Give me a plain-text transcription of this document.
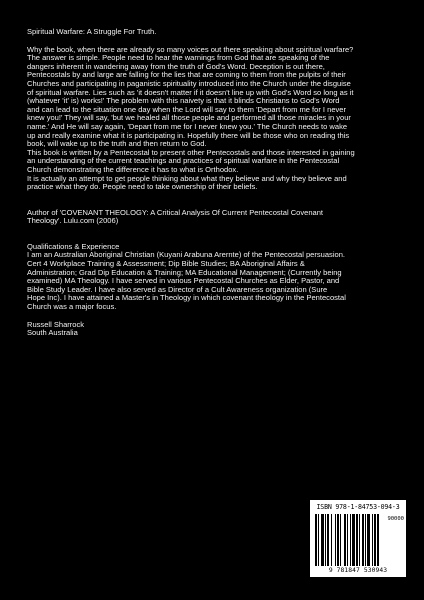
Spiritual Warfare: A Struggle For Truth.

Why the book, when there are already so many voices out there speaking about spiritual warfare?
The answer is simple. People need to hear the warnings from God that are speaking of the
dangers inherent in wandering away from the truth of God's Word. Deception is out there,
Pentecostals by and large are falling for the lies that are coming to them from the pulpits of their
Churches and participating in paganistic spirituality introduced into the Church under the disguise
of spiritual warfare. Lies such as 'it doesn't matter if it doesn't line up with God's Word so long as it
(whatever 'it' is) works!' The problem with this naivety is that it blinds Christians to God's Word
and can lead to the situation one day when the Lord will say to them 'Depart from me for I never
knew you!' They will say, 'but we healed all those people and performed all those miracles in your
name.' And He will say again, 'Depart from me for I never knew you.' The Church needs to wake
up and really examine what it is participating in. Hopefully there will be those who on reading this
book, will wake up to the truth and then return to God.
This book is written by a Pentecostal to present other Pentecostals and those interested in gaining
an understanding of the current teachings and practices of spiritual warfare in the Pentecostal
Church demonstrating the difference it has to what is Orthodox.
It is actually an attempt to get people thinking about what they believe and why they believe and
practice what they do. People need to take ownership of their beliefs.
Author of 'COVENANT THEOLOGY: A Critical Analysis Of Current Pentecostal Covenant
Theology'. Lulu.com (2006)

Qualifications & Experience

I am an Australian Aboriginal Christian (Kuyani Arabuna Arernte) of the Pentecostal persuasion.
Cert 4 Workplace Training & Assessment; Dip Bible Studies; BA Aboriginal Affairs &
Administration; Grad Dip Education & Training; MA Educational Management; (Currently being
examined) MA Theology. I have served in various Pentecostal Churches as Elder, Pastor, and
Bible Study Leader. I have also served as Director of a Cult Awareness organization (Sure
Hope Inc). I have attained a Master's in Theology in which covenant theology in the Pentecostal
Church was a major focus.
Russell Sharrock
South Australia
ISBN 978-1-84753-094-3
90000
9 781847 530943
